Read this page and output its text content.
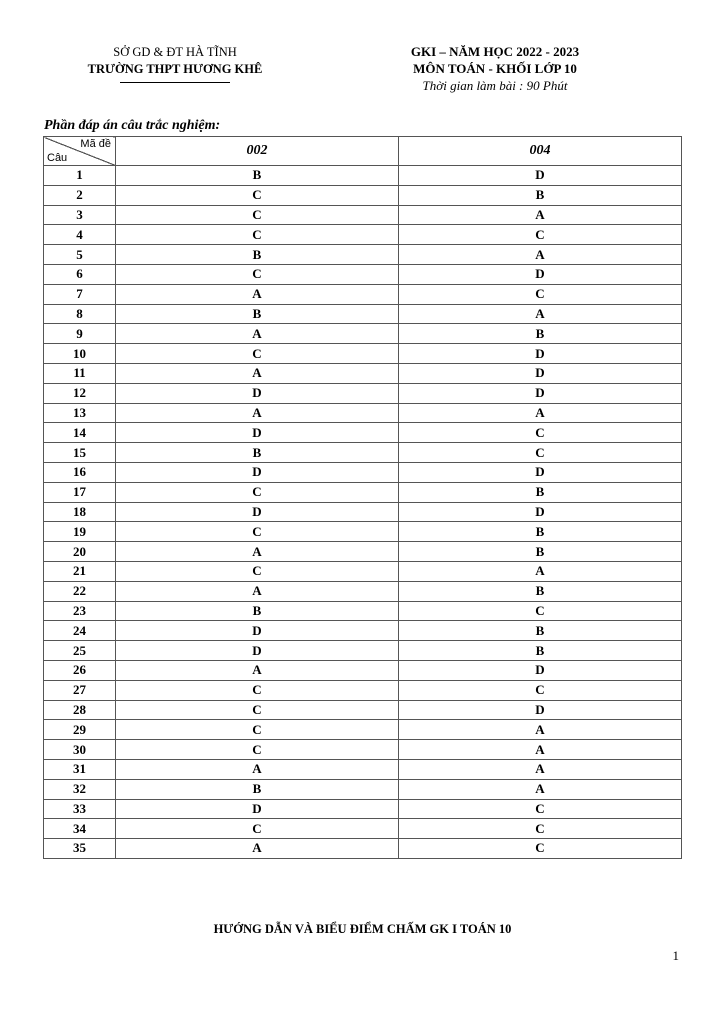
SỞ GD & ĐT HÀ TĨNH
TRƯỜNG THPT HƯƠNG KHÊ
GKI – NĂM HỌC 2022 - 2023
MÔN TOÁN - KHỐI LỚP 10
Thời gian làm bài : 90 Phút
Phần đáp án câu trắc nghiệm:
Mã đề
Câu	002	004
1	B	D
2	C	B
3	C	A
4	C	C
5	B	A
6	C	D
7	A	C
8	B	A
9	A	B
10	C	D
11	A	D
12	D	D
13	A	A
14	D	C
15	B	C
16	D	D
17	C	B
18	D	D
19	C	B
20	A	B
21	C	A
22	A	B
23	B	C
24	D	B
25	D	B
26	A	D
27	C	C
28	C	D
29	C	A
30	C	A
31	A	A
32	B	A
33	D	C
34	C	C
35	A	C
HƯỚNG DẪN VÀ BIỂU ĐIỂM CHẤM GK I TOÁN 10
1
